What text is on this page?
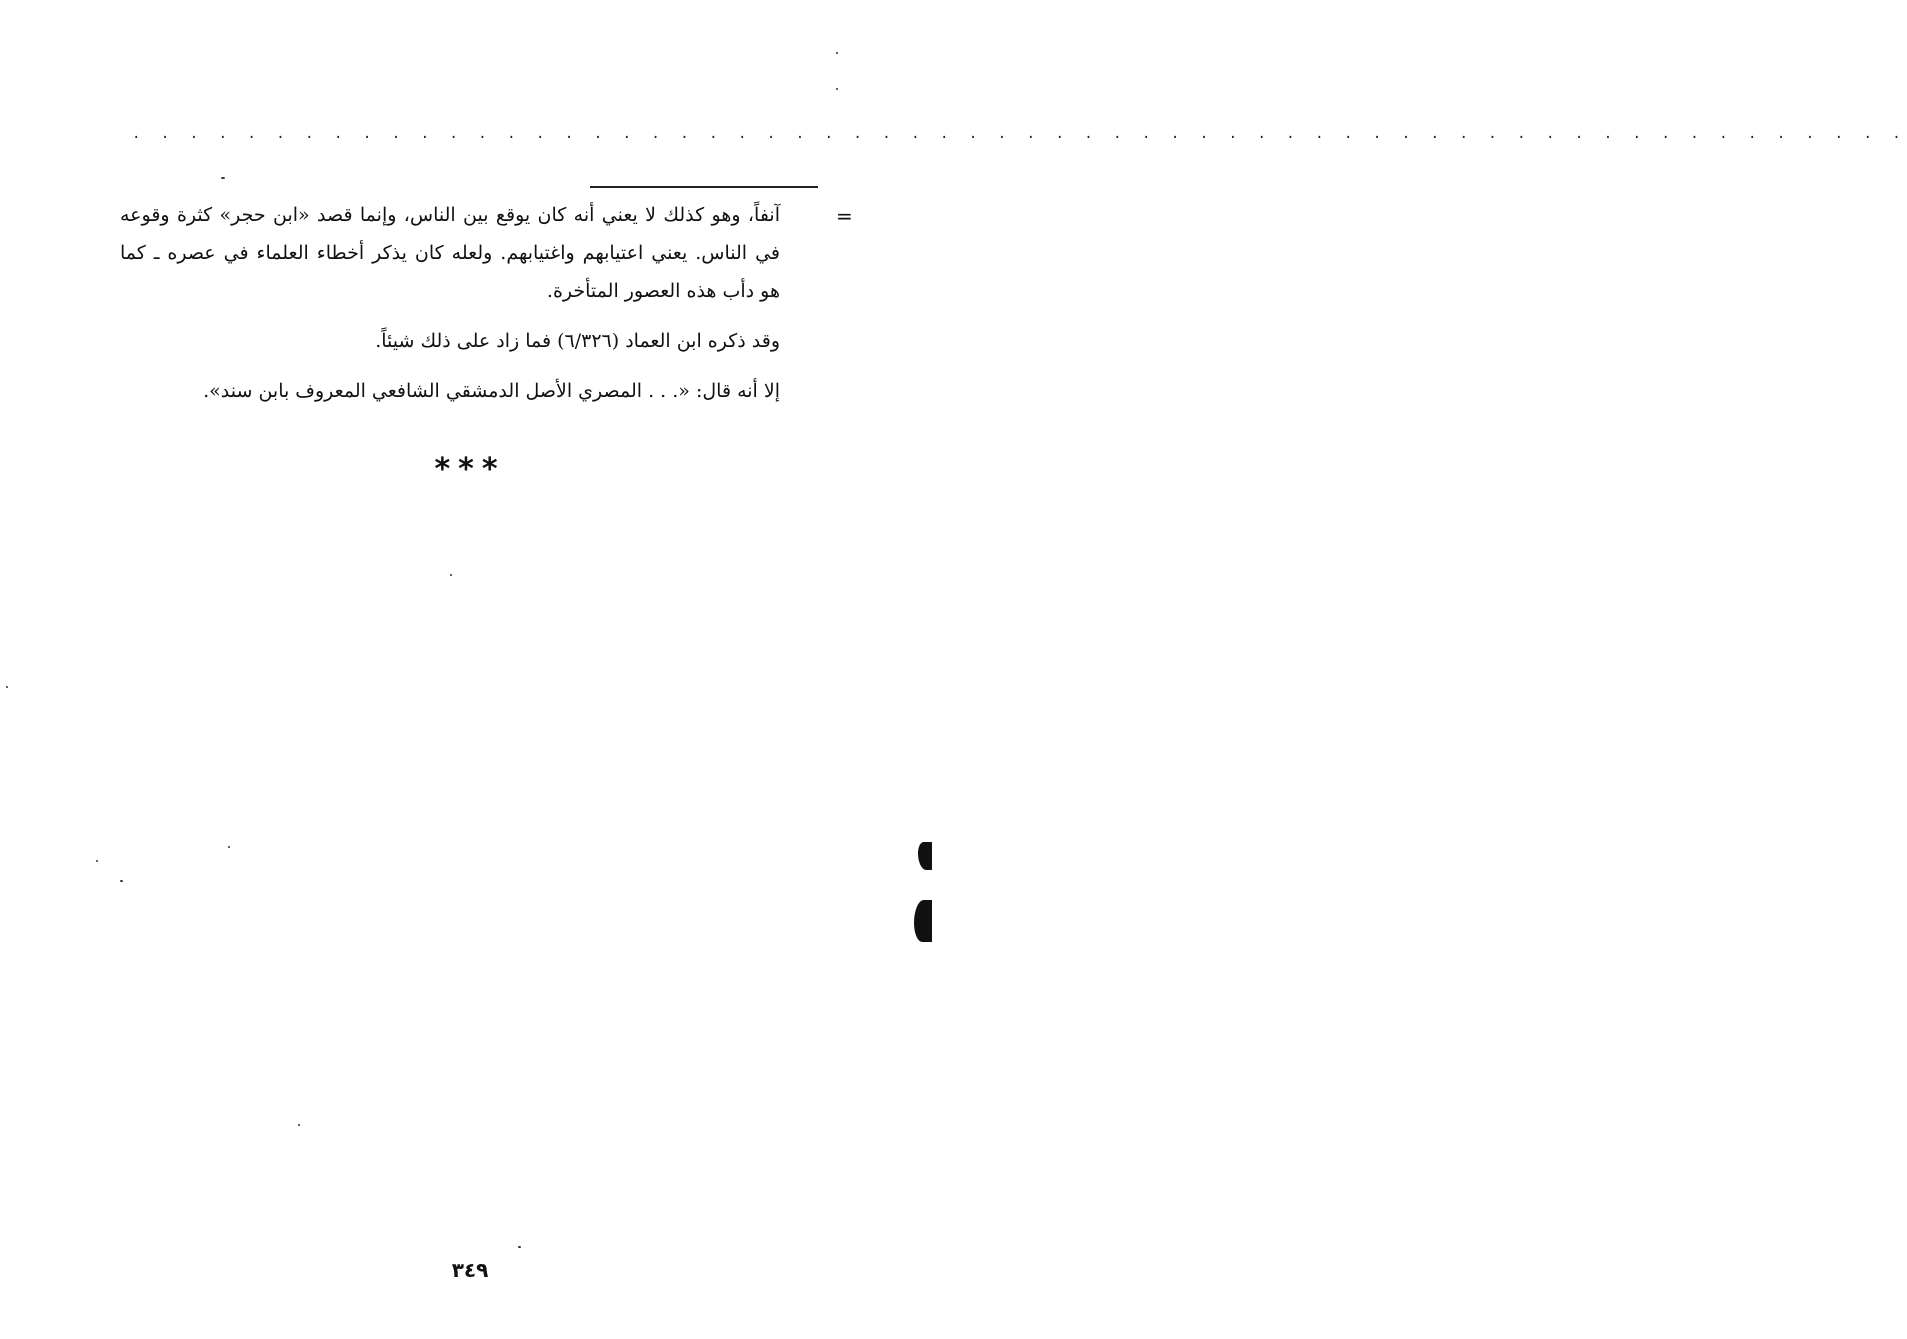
. . . . . . . . . . . . . . . . . . . . . . . . . . . . . . . . . . . . . . . . . . . . . . . . . . . . . . . . . . . . . .
=

آنفاً، وهو كذلك لا يعني أنه كان يوقع بين الناس، وإنما قصد «ابن حجر» كثرة وقوعه في الناس. يعني اعتيابهم واغتيابهم. ولعله كان يذكر أخطاء العلماء في عصره ـ كما هو دأب هذه العصور المتأخرة.

وقد ذكره ابن العماد (٦/٣٢٦) فما زاد على ذلك شيئاً.

إلا أنه قال: «. . . المصري الأصل الدمشقي الشافعي المعروف بابن سند».

***
٣٤٩
